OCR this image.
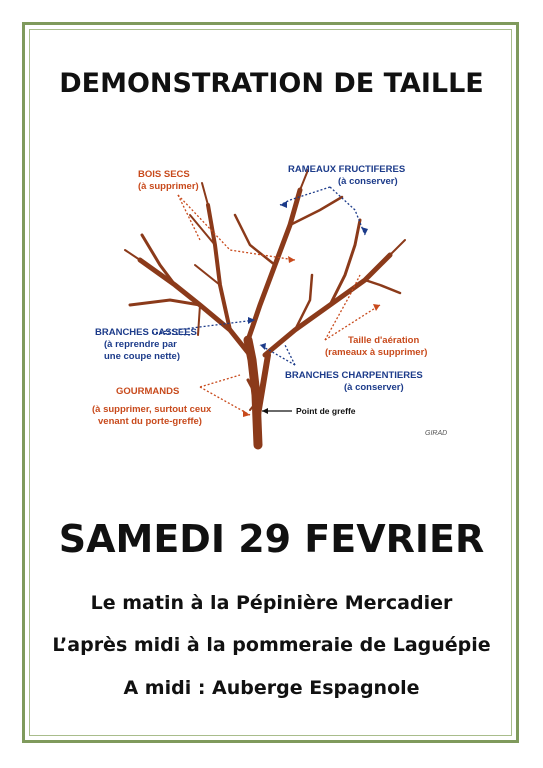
DEMONSTRATION DE TAILLE
BOIS SECS
(à supprimer)
RAMEAUX FRUCTIFERES
(à conserver)
BRANCHES CASSEES
(à reprendre par
une coupe nette)
Taille d'aération
(rameaux à supprimer)
BRANCHES CHARPENTIERES
(à conserver)
GOURMANDS
(à supprimer, surtout ceux
venant du porte-greffe)
Point de greffe
GIRAD
SAMEDI 29 FEVRIER
Le matin à la Pépinière Mercadier
L’après midi à la pommeraie de Laguépie
A midi : Auberge Espagnole
